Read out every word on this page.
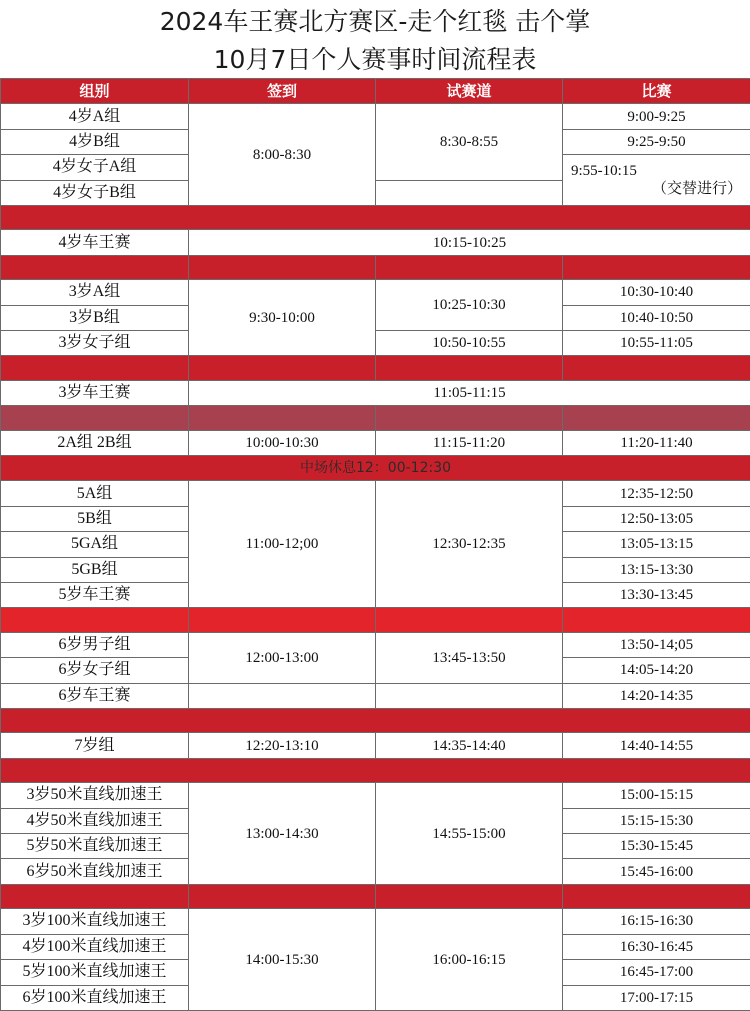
2024车王赛北方赛区-走个红毯 击个掌
10月7日个人赛事时间流程表
组别	签到	试赛道	比赛
4岁A组	8:00-8:30	8:30-8:55	9:00-9:25
4岁B组			9:25-9:50
4岁女子A组			9:55-10:15
（交替进行）

4岁女子B组			

4岁车王赛	10:15-10:25		

3岁A组	9:30-10:00	10:25-10:30	10:30-10:40
3岁B组			10:40-10:50
3岁女子组		10:50-10:55	10:55-11:05

3岁车王赛	11:05-11:15		

2A组 2B组	10:00-10:30	11:15-11:20	11:20-11:40
中场休息12：00-12:30			
5A组	11:00-12;00	12:30-12:35	12:35-12:50
5B组			12:50-13:05
5GA组			13:05-13:15
5GB组			13:15-13:30
5岁车王赛			13:30-13:45

6岁男子组	12:00-13:00	13:45-13:50	13:50-14;05
6岁女子组			14:05-14:20
6岁车王赛			14:20-14:35

7岁组	12:20-13:10	14:35-14:40	14:40-14:55

3岁50米直线加速王	13:00-14:30	14:55-15:00	15:00-15:15
4岁50米直线加速王			15:15-15:30
5岁50米直线加速王			15:30-15:45
6岁50米直线加速王			15:45-16:00

3岁100米直线加速王	14:00-15:30	16:00-16:15	16:15-16:30
4岁100米直线加速王			16:30-16:45
5岁100米直线加速王			16:45-17:00
6岁100米直线加速王			17:00-17:15
